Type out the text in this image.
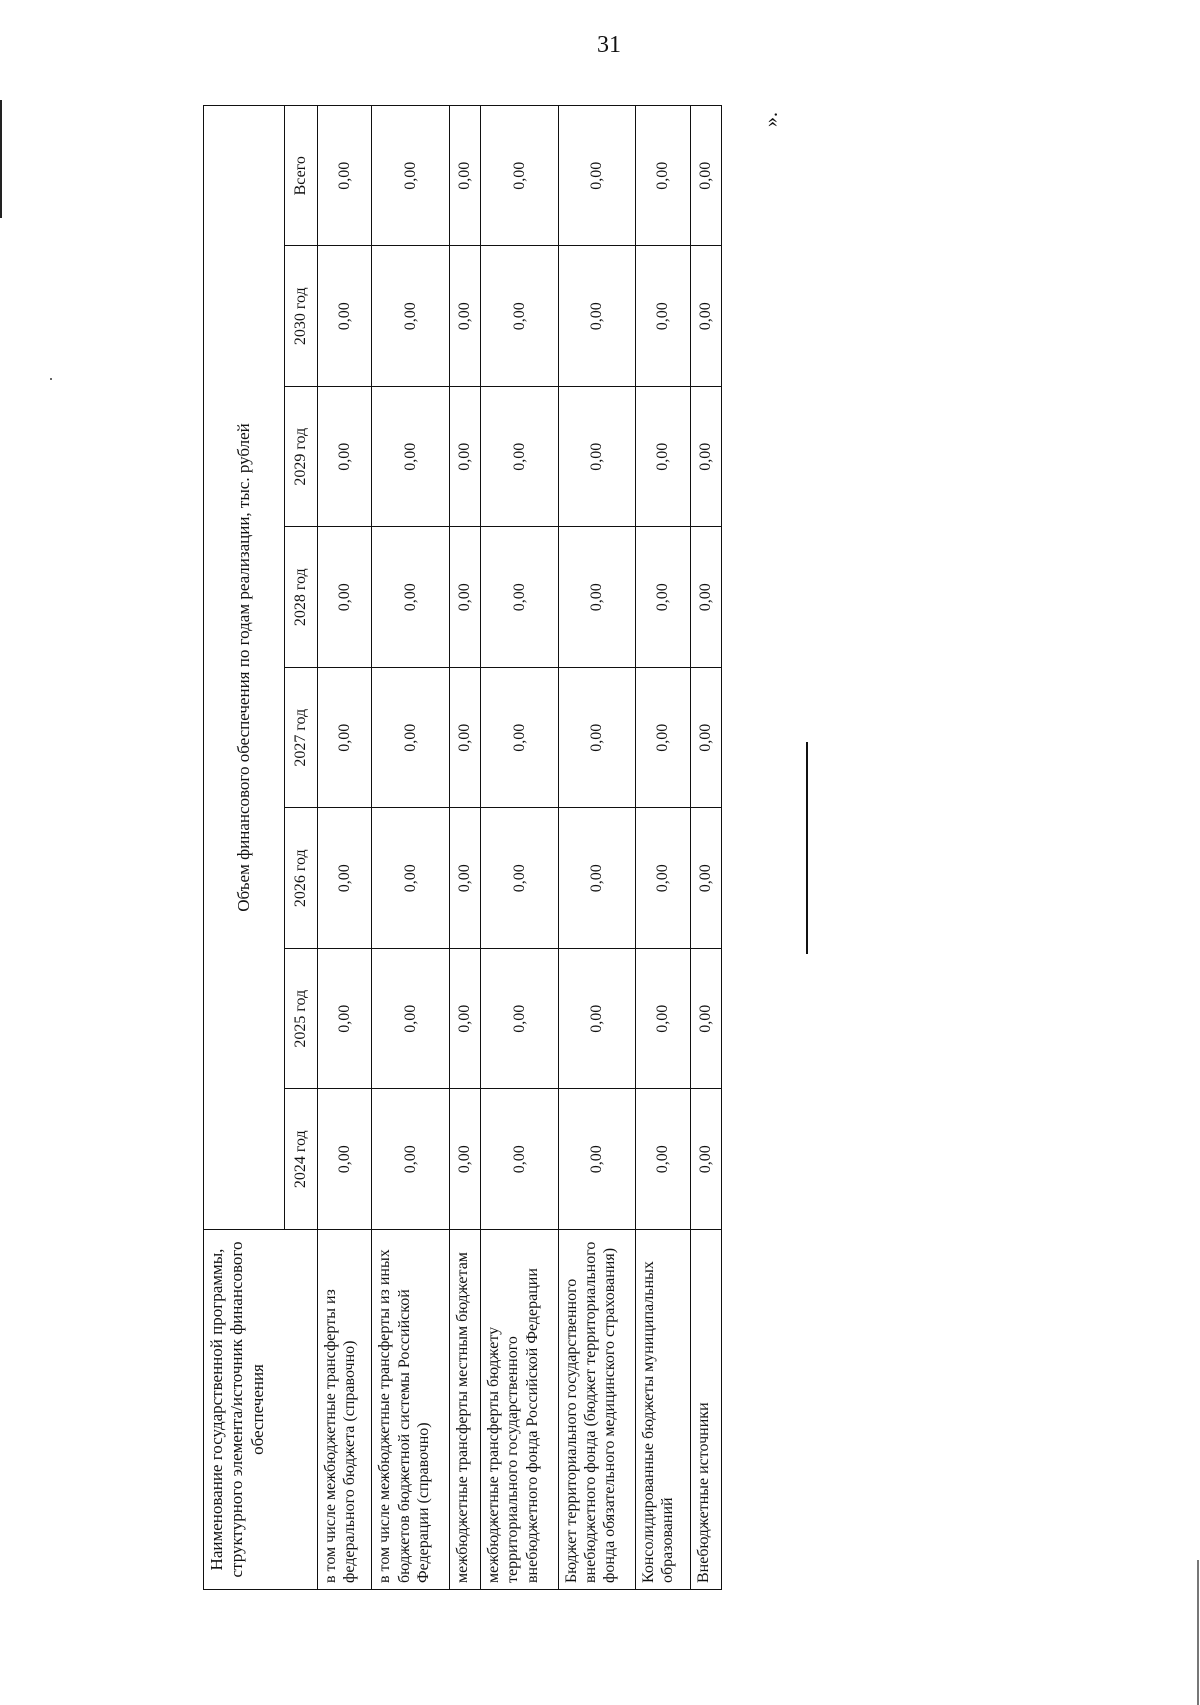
31
Наименование государственной программы, структурного элемента/источник финансового обеспечения	Объем финансового обеспечения по годам реализации, тыс. рублей							
	2024 год	2025 год	2026 год	2027 год	2028 год	2029 год	2030 год	Всего
в том числе межбюджетные трансферты из федерального бюджета (справочно)	0,00	0,00	0,00	0,00	0,00	0,00	0,00	0,00
в том числе межбюджетные трансферты из иных бюджетов бюджетной системы Российской Федерации (справочно)	0,00	0,00	0,00	0,00	0,00	0,00	0,00	0,00
межбюджетные трансферты местным бюджетам	0,00	0,00	0,00	0,00	0,00	0,00	0,00	0,00
межбюджетные трансферты бюджету территориального государственного внебюджетного фонда Российской Федерации	0,00	0,00	0,00	0,00	0,00	0,00	0,00	0,00
Бюджет территориального государственного внебюджетного фонда (бюджет территориального фонда обязательного медицинского страхования)	0,00	0,00	0,00	0,00	0,00	0,00	0,00	0,00
Консолидированные бюджеты муниципальных образований	0,00	0,00	0,00	0,00	0,00	0,00	0,00	0,00
Внебюджетные источники	0,00	0,00	0,00	0,00	0,00	0,00	0,00	0,00
».
